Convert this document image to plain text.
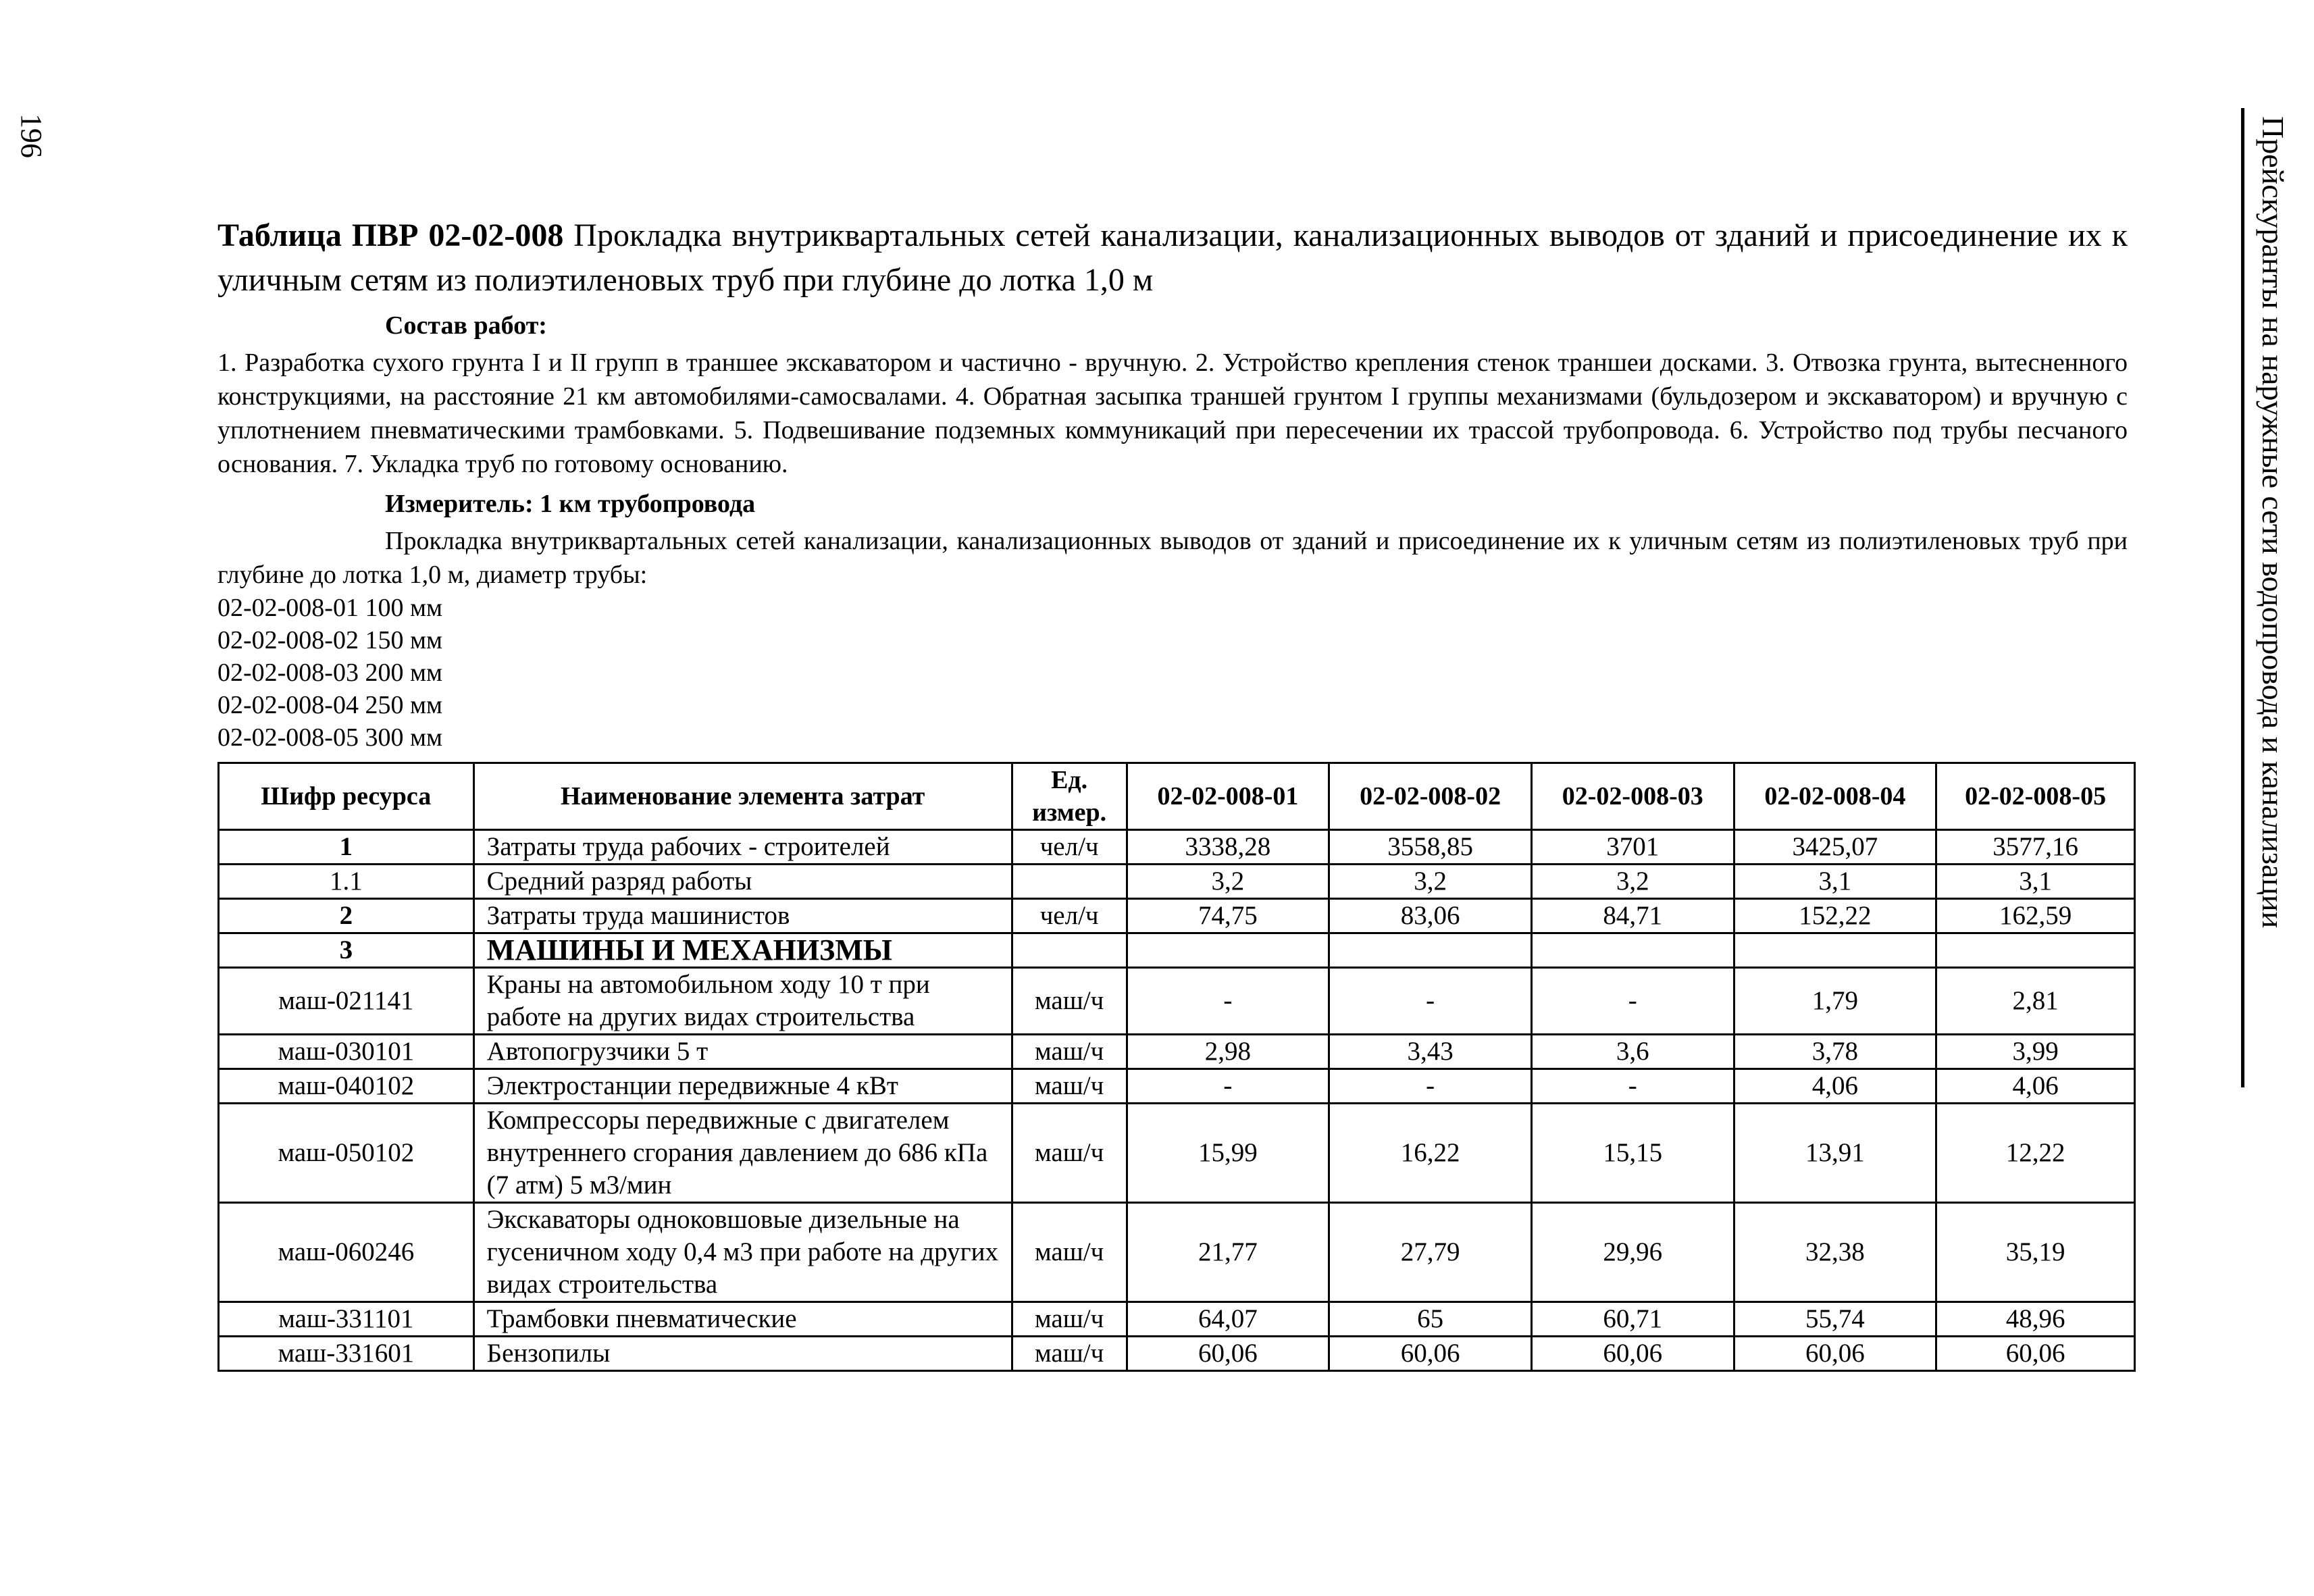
196	Прейскуранты на наружные сети водопровода и канализации

Таблица ПВР 02-02-008 Прокладка внутриквартальных сетей канализации, канализационных выводов от зданий и присоединение их к уличным сетям из полиэтиленовых труб при глубине до лотка 1,0 м

Состав работ:

1. Разработка сухого грунта I и II групп в траншее экскаватором и частично - вручную. 2. Устройство крепления стенок траншеи досками. 3. Отвозка грунта, вытесненного конструкциями, на расстояние 21 км автомобилями-самосвалами. 4. Обратная засыпка траншей грунтом I группы механизмами (бульдозером и экскаватором) и вручную с уплотнением пневматическими трамбовками. 5. Подвешивание подземных коммуникаций при пересечении их трассой трубопровода. 6. Устройство под трубы песчаного основания. 7. Укладка труб по готовому основанию.

Измеритель: 1 км трубопровода

Прокладка внутриквартальных сетей канализации, канализационных выводов от зданий и присоединение их к уличным сетям из полиэтиленовых труб при глубине до лотка 1,0 м, диаметр трубы:

02-02-008-01 100 мм
02-02-008-02 150 мм
02-02-008-03 200 мм
02-02-008-04 250 мм
02-02-008-05 300 мм
Шифр ресурса	Наименование элемента затрат	Ед. измер.	02-02-008-01	02-02-008-02	02-02-008-03	02-02-008-04	02-02-008-05
1	Затраты труда рабочих - строителей	чел/ч	3338,28	3558,85	3701	3425,07	3577,16
1.1	Средний разряд работы		3,2	3,2	3,2	3,1	3,1
2	Затраты труда машинистов	чел/ч	74,75	83,06	84,71	152,22	162,59
3	МАШИНЫ И МЕХАНИЗМЫ						
маш-021141	Краны на автомобильном ходу 10 т при работе на других видах строительства	маш/ч	-	-	-	1,79	2,81
маш-030101	Автопогрузчики 5 т	маш/ч	2,98	3,43	3,6	3,78	3,99
маш-040102	Электростанции передвижные 4 кВт	маш/ч	-	-	-	4,06	4,06
маш-050102	Компрессоры передвижные с двигателем внутреннего сгорания давлением до 686 кПа (7 атм) 5 м3/мин	маш/ч	15,99	16,22	15,15	13,91	12,22
маш-060246	Экскаваторы одноковшовые дизельные на гусеничном ходу 0,4 м3 при работе на других видах строительства	маш/ч	21,77	27,79	29,96	32,38	35,19
маш-331101	Трамбовки пневматические	маш/ч	64,07	65	60,71	55,74	48,96
маш-331601	Бензопилы	маш/ч	60,06	60,06	60,06	60,06	60,06
